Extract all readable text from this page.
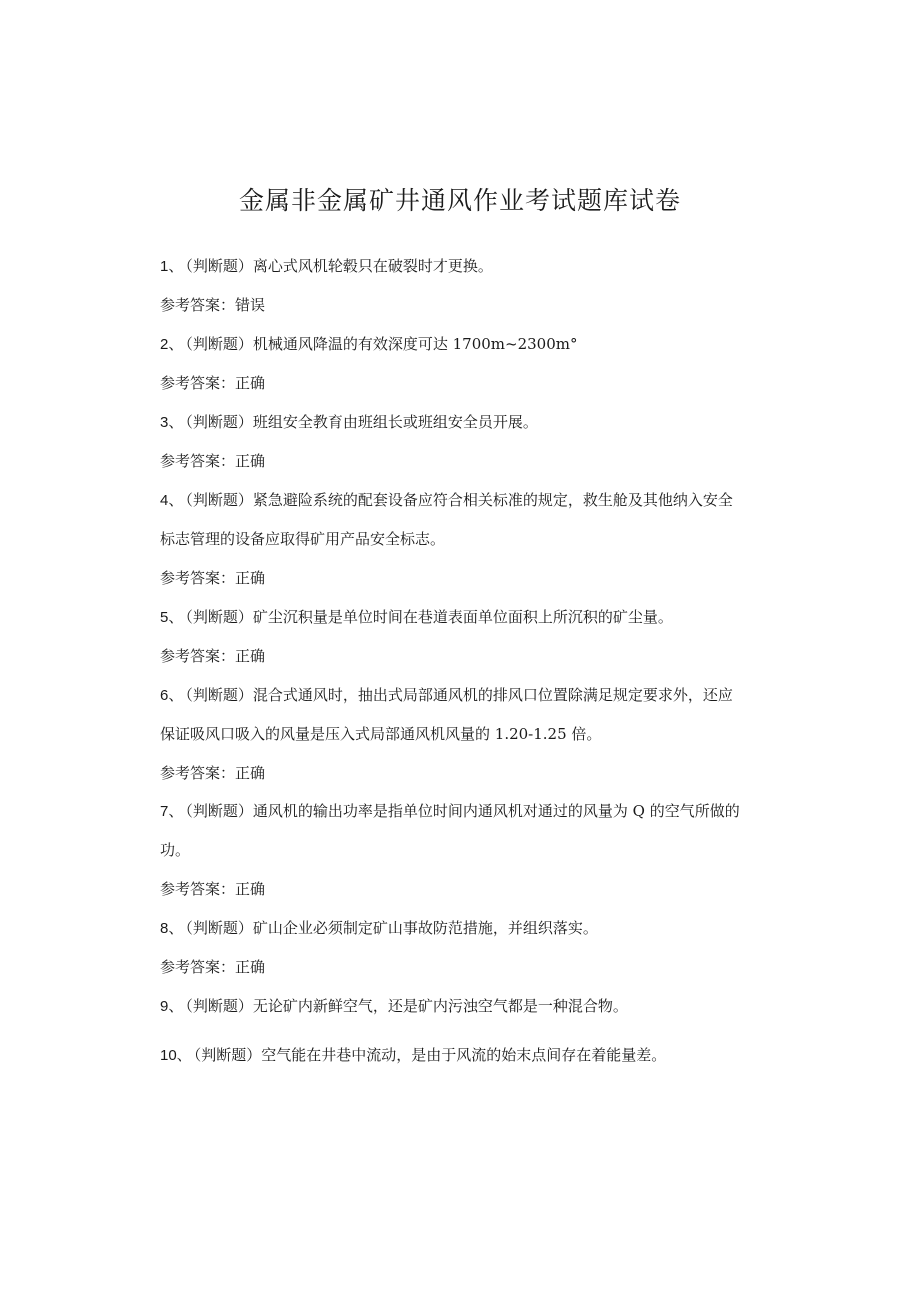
金属非金属矿井通风作业考试题库试卷
1、 （判断题）离心式风机轮毂只在破裂时才更换。
参考答案：错误
2、 （判断题）机械通风降温的有效深度可达 1700m~2300m°
参考答案：正确
3、 （判断题）班组安全教育由班组长或班组安全员开展。
参考答案：正确
4、 （判断题）紧急避险系统的配套设备应符合相关标准的规定，救生舱及其他纳入安全
标志管理的设备应取得矿用产品安全标志。
参考答案：正确
5、 （判断题）矿尘沉积量是单位时间在巷道表面单位面积上所沉积的矿尘量。
参考答案：正确
6、 （判断题）混合式通风时，抽出式局部通风机的排风口位置除满足规定要求外，还应
保证吸风口吸入的风量是压入式局部通风机风量的 1.20-1.25 倍。
参考答案：正确
7、 （判断题）通风机的输出功率是指单位时间内通风机对通过的风量为 Q 的空气所做的
功。
参考答案：正确
8、 （判断题）矿山企业必须制定矿山事故防范措施，并组织落实。
参考答案：正确
9、 （判断题）无论矿内新鲜空气，还是矿内污浊空气都是一种混合物。
10、 （判断题）空气能在井巷中流动，是由于风流的始末点间存在着能量差。
